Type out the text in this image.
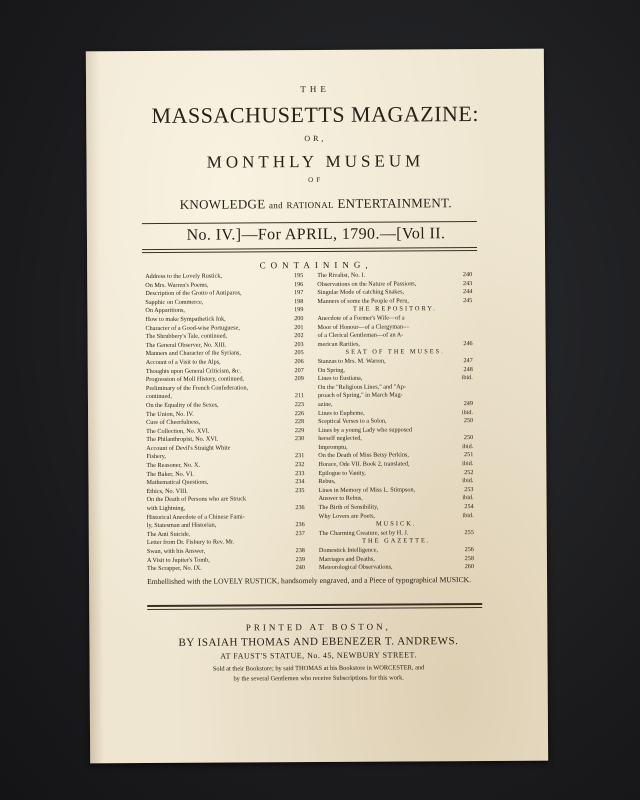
THE
MASSACHUSETTS MAGAZINE:
OR,
MONTHLY MUSEUM
OF
KNOWLEDGE and RATIONAL ENTERTAINMENT.
No. IV.]—For APRIL, 1790.—[Vol II.
CONTAINING,
Address to the Lovely Rustick,	195
On Mrs. Warren's Poems,	196
Description of the Grotto of Antiparos,	197
Sapphic on Commerce,	198
On Apparitions,	199
How to make Sympathetick Ink,	200
Character of a Good-wise Portuguese,	201
The Shrubbery's Tale, continued,	202
The General Observer, No. XIII.	203
Manners and Character of the Syrians,	205
Account of a Visit to the Alps,	206
Thoughts upon General Criticism, &c.	207
Progression of Moll History, continued,	209
Preliminary of the French Confederation,
continued,	211
On the Equality of the Sexes,	223
The Union, No. IV.	226
Cure of Cheerfulness,	228
The Collection, No. XVI.	229
The Philanthropist, No. XVI.	230
Account of Devil's Straight White
Fishery,	231
The Reasoner, No. X.	232
The Baker, No. VI.	233
Mathematical Questions,	234
Ethics, No. VIII.	235
On the Death of Persons who are Struck
with Lightning,	236
Historical Anecdote of a Chinese Fami-
ly, Statesman and Historian,	236
The Anti Suicide,	237
Letter from Dr. Fisbury to Rev. Mr.
Swan, with his Answer,	238
A Visit to Jupiter's Tomb,	239
The Scrapper, No. IX.	240
The Rivalist, No. I.	240
Observations on the Nature of Passions,	243
Singular Mode of catching Snakes,	244
Manners of some the People of Peru,	245
THE REPOSITORY.
Anecdote of a Former's Wife—of a
Moor of Honour—of a Clergyman—
of a Clerical Gentleman—of an A-
merican Rarities,	246
SEAT OF THE MUSES.
Stanzas to Mrs. M. Warren,	247
On Spring,	248
Lines to Eustiana,	ibid.
On the "Religious Lines," and "Ap-
proach of Spring," in March Mag-
azine,	249
Lines to Eupheme,	ibid.
Sceptical Verses to a Solon,	250
Lines by a young Lady who supposed
herself neglected,	250
Impromptu,	ibid.
On the Death of Miss Betsy Perkins,	251
Horace, Ode VII. Book 2, translated,	ibid.
Epilogue to Vanity,	252
Rebus,	ibid.
Lines in Memory of Miss L. Stimpson,	253
Answer to Rebus,	ibid.
The Birth of Sensibility,	254
Why Lovers are Poets,	ibid.
MUSICK.
The Charming Creature, set by H. J.	255
THE GAZETTE.
Domestick Intelligence,	256
Marriages and Deaths,	258
Meteorological Observations,	260
Embellished with the LOVELY RUSTICK, handsomely engraved, and a Piece of typographical MUSICK.
PRINTED AT BOSTON,
BY ISAIAH THOMAS AND EBENEZER T. ANDREWS.
AT FAUST'S STATUE, No. 45, NEWBURY STREET.
Sold at their Bookstore; by said THOMAS at his Bookstore in WORCESTER, and
by the several Gentlemen who receive Subscriptions for this work.
